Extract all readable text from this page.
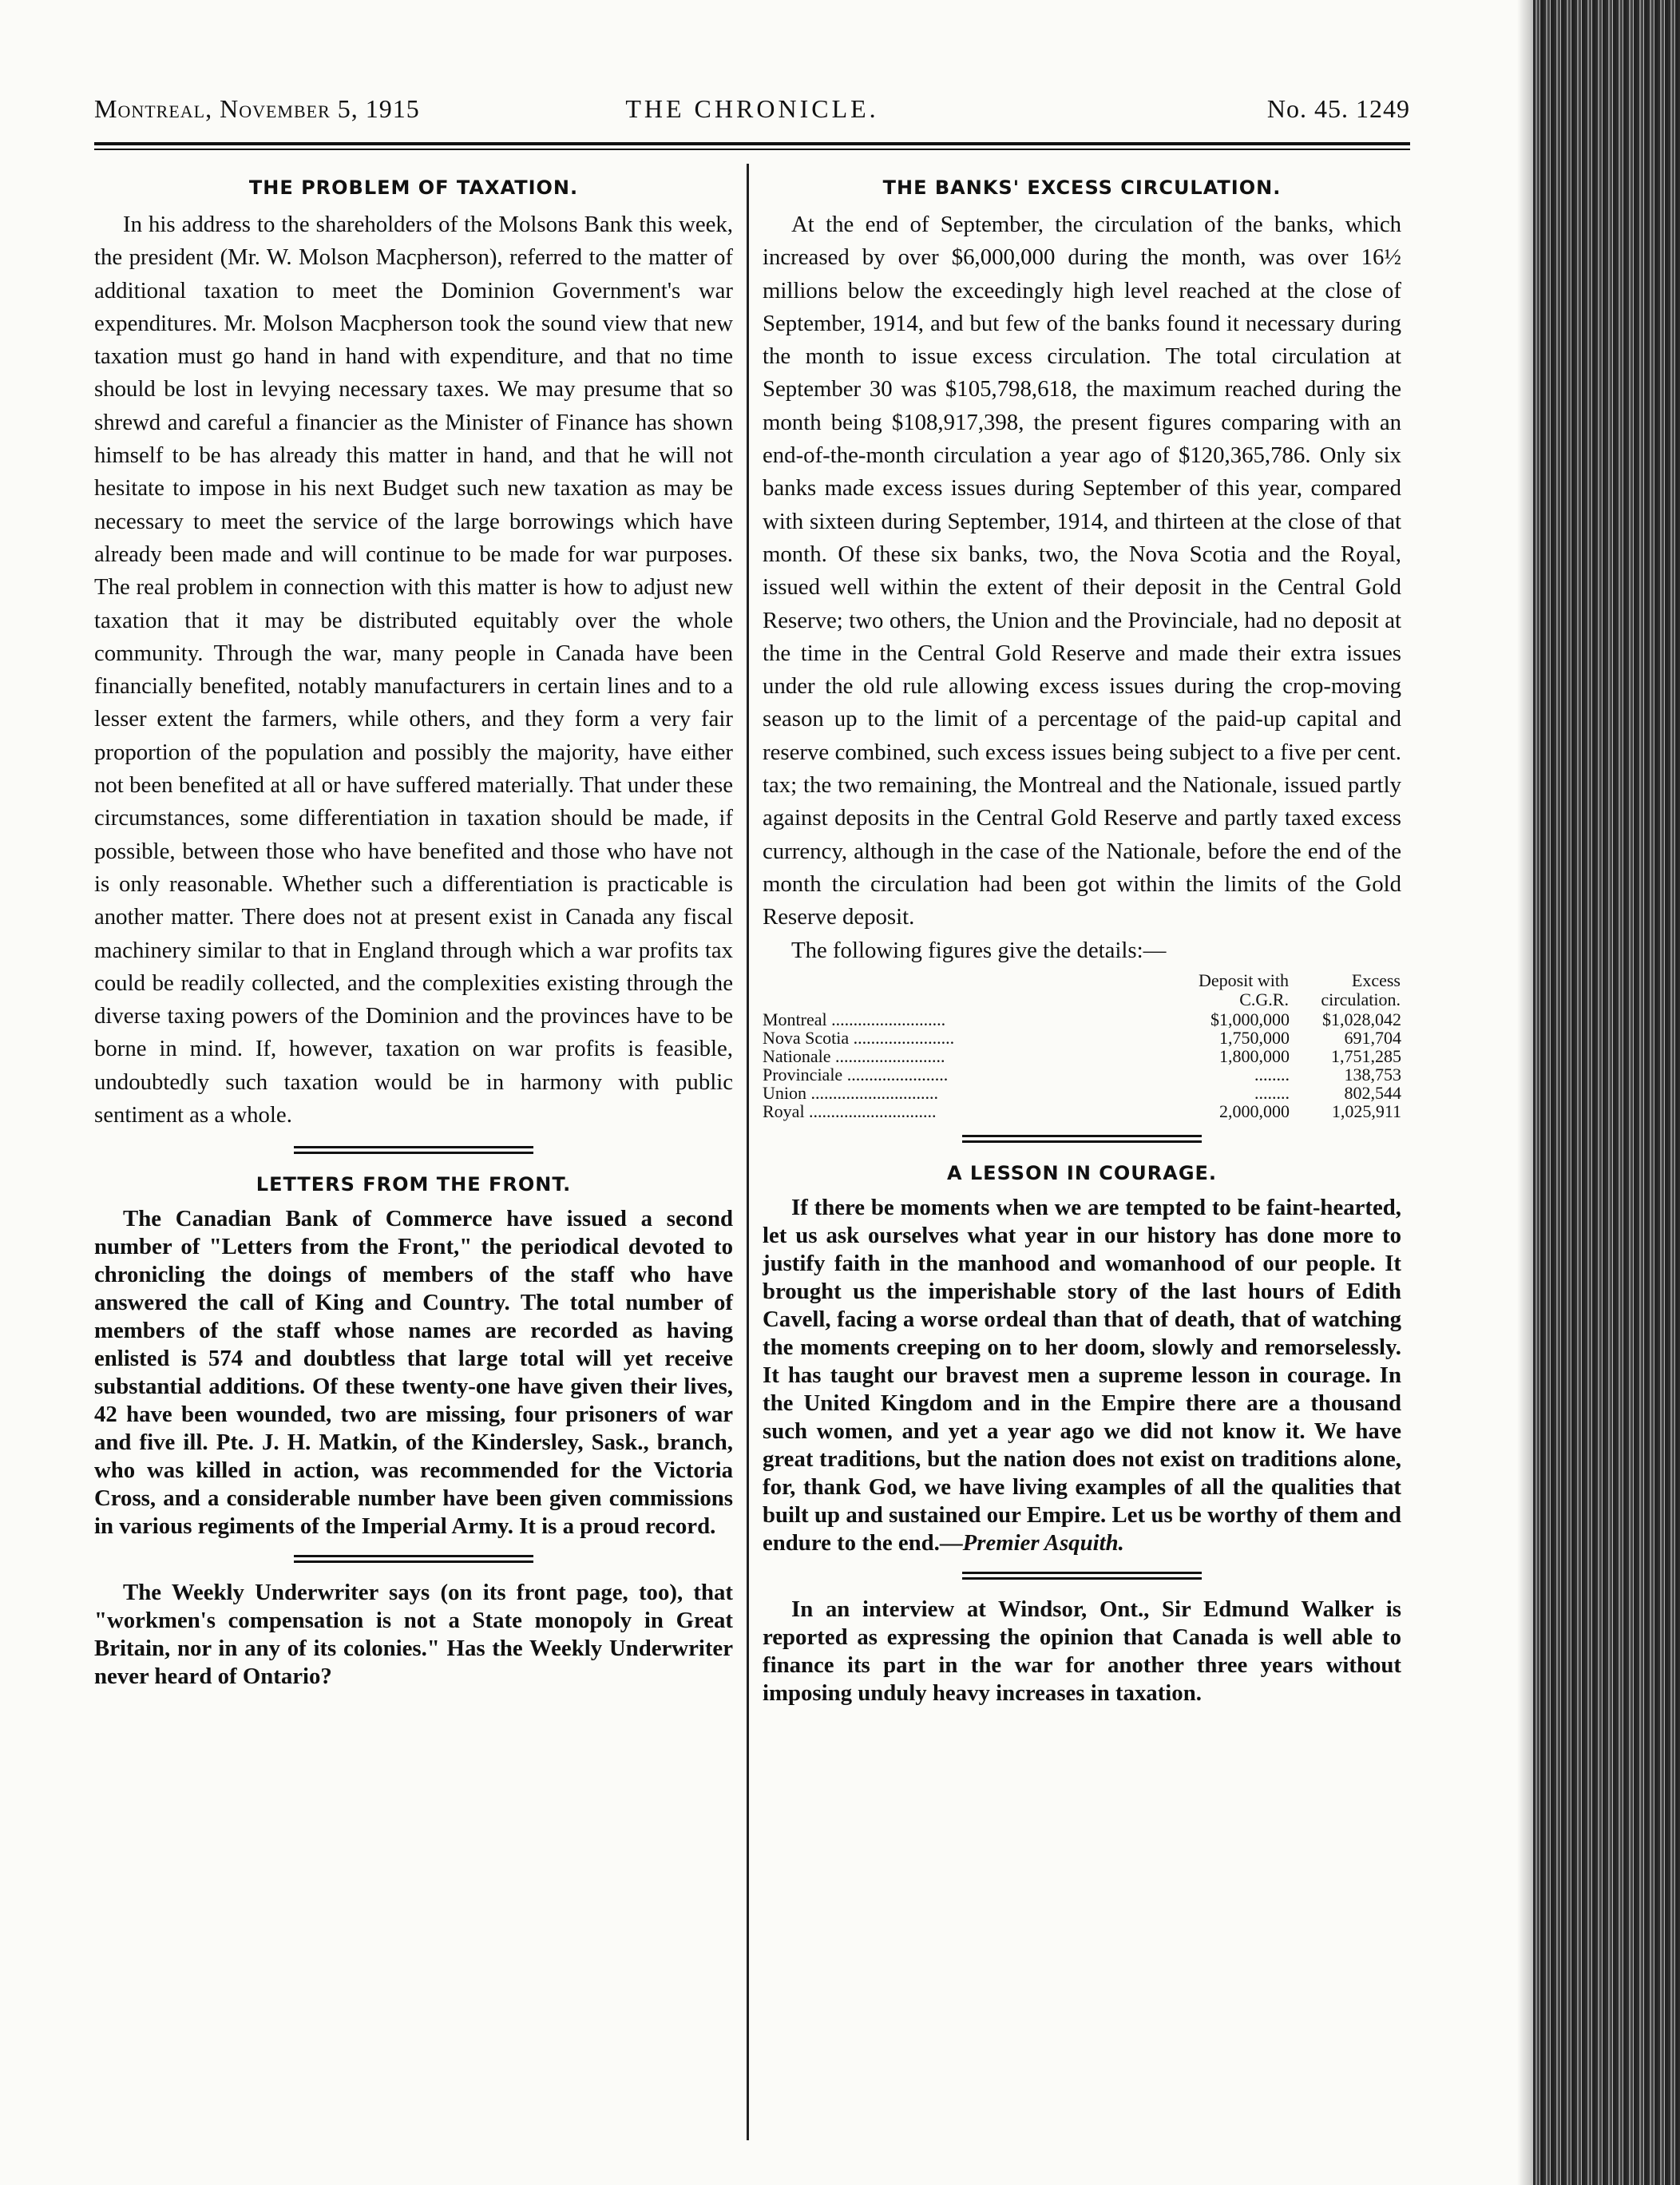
Montreal, November 5, 1915	THE CHRONICLE.	No. 45. 1249
THE PROBLEM OF TAXATION.

In his address to the shareholders of the Molsons Bank this week, the president (Mr. W. Molson Macpherson), referred to the matter of additional taxation to meet the Dominion Government's war expenditures. Mr. Molson Macpherson took the sound view that new taxation must go hand in hand with expenditure, and that no time should be lost in levying necessary taxes. We may presume that so shrewd and careful a financier as the Minister of Finance has shown himself to be has already this matter in hand, and that he will not hesitate to impose in his next Budget such new taxation as may be necessary to meet the service of the large borrowings which have already been made and will continue to be made for war purposes. The real problem in connection with this matter is how to adjust new taxation that it may be distributed equitably over the whole community. Through the war, many people in Canada have been financially benefited, notably manufacturers in certain lines and to a lesser extent the farmers, while others, and they form a very fair proportion of the population and possibly the majority, have either not been benefited at all or have suffered materially. That under these circumstances, some differentiation in taxation should be made, if possible, between those who have benefited and those who have not is only reasonable. Whether such a differentiation is practicable is another matter. There does not at present exist in Canada any fiscal machinery similar to that in England through which a war profits tax could be readily collected, and the complexities existing through the diverse taxing powers of the Dominion and the provinces have to be borne in mind. If, however, taxation on war profits is feasible, undoubtedly such taxation would be in harmony with public sentiment as a whole.

LETTERS FROM THE FRONT.

The Canadian Bank of Commerce have issued a second number of "Letters from the Front," the periodical devoted to chronicling the doings of members of the staff who have answered the call of King and Country. The total number of members of the staff whose names are recorded as having enlisted is 574 and doubtless that large total will yet receive substantial additions. Of these twenty-one have given their lives, 42 have been wounded, two are missing, four prisoners of war and five ill. Pte. J. H. Matkin, of the Kindersley, Sask., branch, who was killed in action, was recommended for the Victoria Cross, and a considerable number have been given commissions in various regiments of the Imperial Army. It is a proud record.

The Weekly Underwriter says (on its front page, too), that "workmen's compensation is not a State monopoly in Great Britain, nor in any of its colonies." Has the Weekly Underwriter never heard of Ontario?

THE BANKS' EXCESS CIRCULATION.

At the end of September, the circulation of the banks, which increased by over $6,000,000 during the month, was over 16½ millions below the exceedingly high level reached at the close of September, 1914, and but few of the banks found it necessary during the month to issue excess circulation. The total circulation at September 30 was $105,798,618, the maximum reached during the month being $108,917,398, the present figures comparing with an end-of-the-month circulation a year ago of $120,365,786. Only six banks made excess issues during September of this year, compared with sixteen during September, 1914, and thirteen at the close of that month. Of these six banks, two, the Nova Scotia and the Royal, issued well within the extent of their deposit in the Central Gold Reserve; two others, the Union and the Provinciale, had no deposit at the time in the Central Gold Reserve and made their extra issues under the old rule allowing excess issues during the crop-moving season up to the limit of a percentage of the paid-up capital and reserve combined, such excess issues being subject to a five per cent. tax; the two remaining, the Montreal and the Nationale, issued partly against deposits in the Central Gold Reserve and partly taxed excess currency, although in the case of the Nationale, before the end of the month the circulation had been got within the limits of the Gold Reserve deposit.

The following figures give the details:—

	Deposit with C.G.R.	Excess circulation.
Montreal ..........................	$1,000,000	$1,028,042
Nova Scotia .......................	1,750,000	691,704
Nationale .........................	1,800,000	1,751,285
Provinciale .......................	........	138,753
Union .............................	........	802,544
Royal .............................	2,000,000	1,025,911
A LESSON IN COURAGE.

If there be moments when we are tempted to be faint-hearted, let us ask ourselves what year in our history has done more to justify faith in the manhood and womanhood of our people. It brought us the imperishable story of the last hours of Edith Cavell, facing a worse ordeal than that of death, that of watching the moments creeping on to her doom, slowly and remorselessly. It has taught our bravest men a supreme lesson in courage. In the United Kingdom and in the Empire there are a thousand such women, and yet a year ago we did not know it. We have great traditions, but the nation does not exist on traditions alone, for, thank God, we have living examples of all the qualities that built up and sustained our Empire. Let us be worthy of them and endure to the end.—Premier Asquith.

In an interview at Windsor, Ont., Sir Edmund Walker is reported as expressing the opinion that Canada is well able to finance its part in the war for another three years without imposing unduly heavy increases in taxation.
